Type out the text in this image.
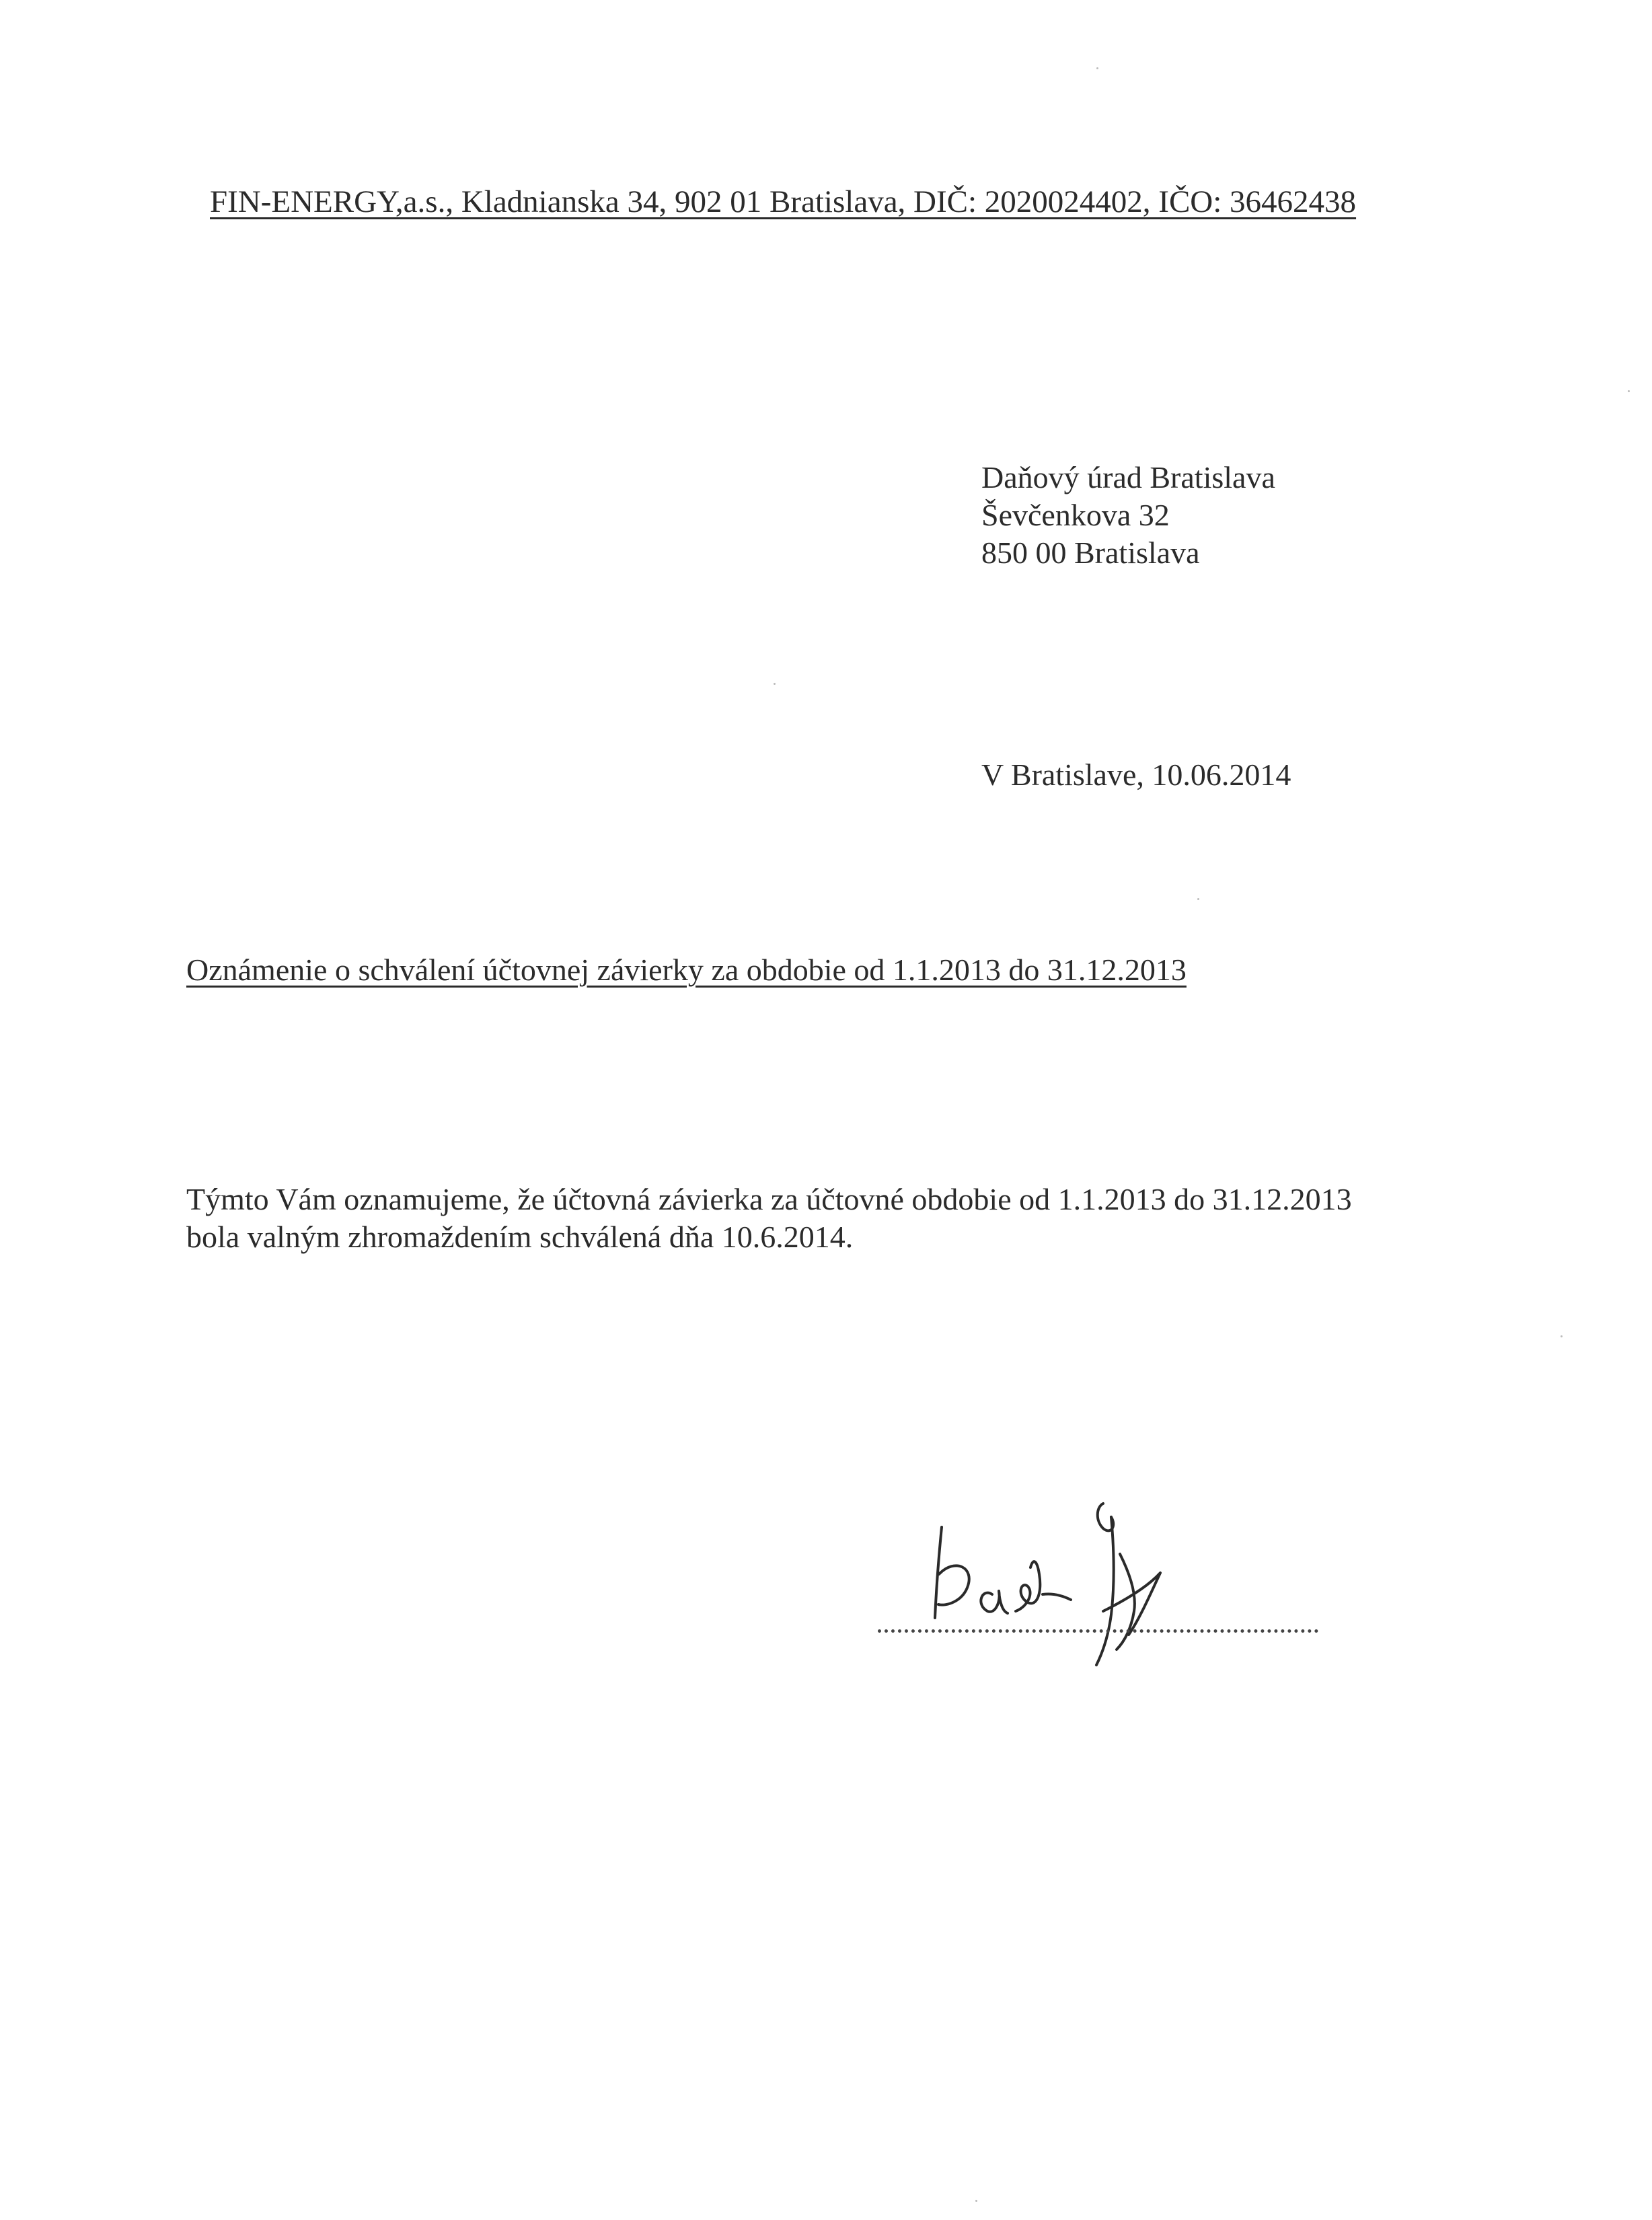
FIN-ENERGY,a.s., Kladnianska 34, 902 01 Bratislava, DIČ: 2020024402, IČO: 36462438
Daňový úrad Bratislava
Ševčenkova 32
850 00 Bratislava
V Bratislave, 10.06.2014
Oznámenie o schválení účtovnej závierky za obdobie od 1.1.2013 do 31.12.2013
Týmto Vám oznamujeme, že účtovná závierka za účtovné obdobie od 1.1.2013 do 31.12.2013
bola valným zhromaždením schválená dňa 10.6.2014.
